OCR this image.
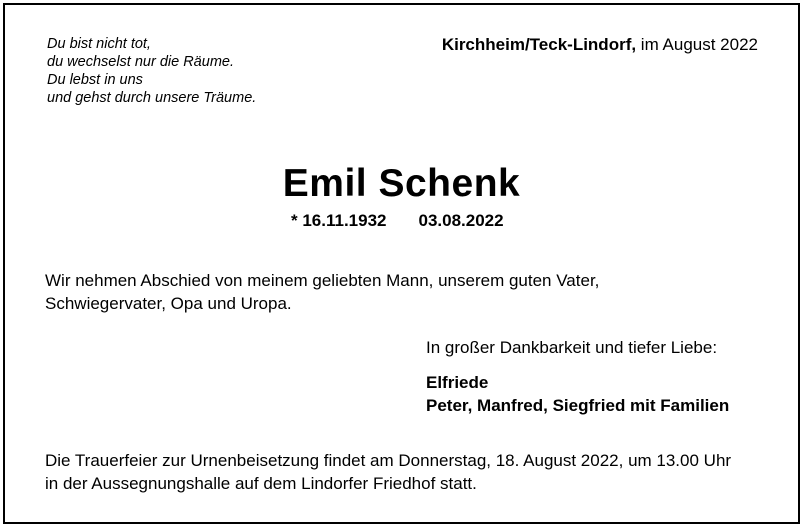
Du bist nicht tot,
du wechselst nur die Räume.
Du lebst in uns
und gehst durch unsere Träume.
Kirchheim/Teck-Lindorf, im August 2022
Emil Schenk
* 16.11.1932 03.08.2022
Wir nehmen Abschied von meinem geliebten Mann, unserem guten Vater,
Schwiegervater, Opa und Uropa.
In großer Dankbarkeit und tiefer Liebe:
Elfriede
Peter, Manfred, Siegfried mit Familien
Die Trauerfeier zur Urnenbeisetzung findet am Donnerstag, 18. August 2022, um 13.00 Uhr
in der Aussegnungshalle auf dem Lindorfer Friedhof statt.
